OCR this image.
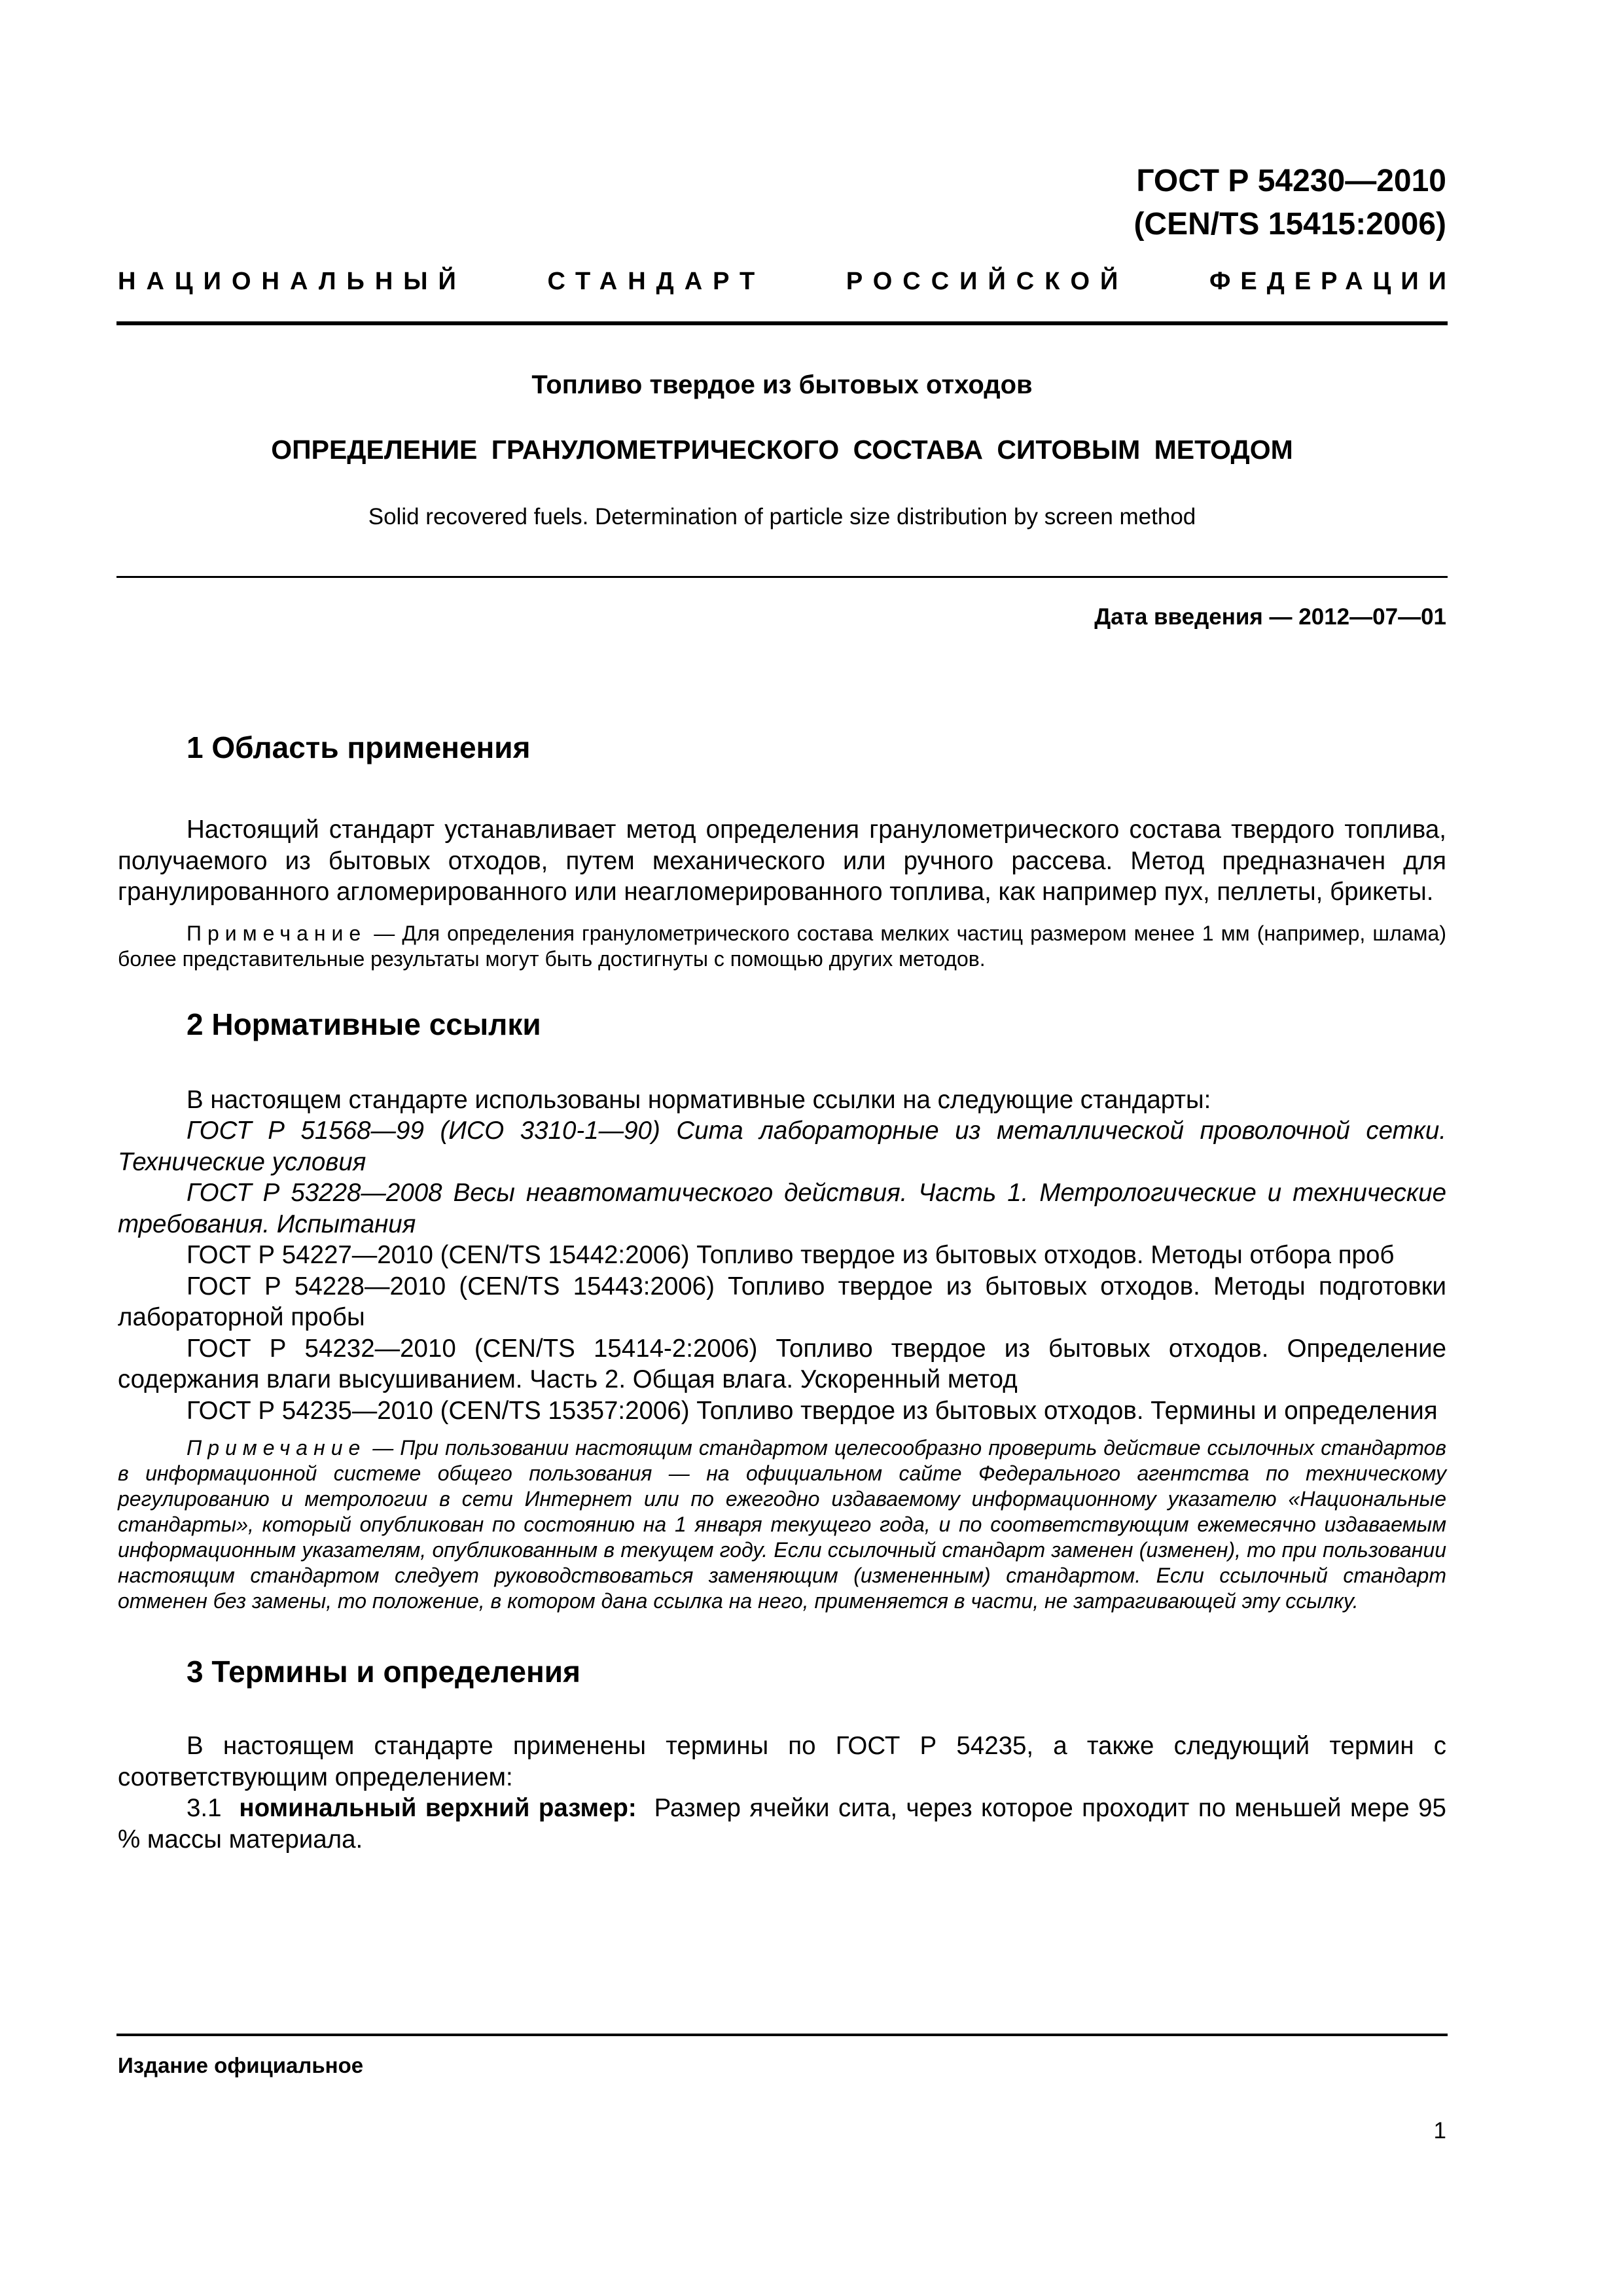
ГОСТ Р 54230—2010
(CEN/TS 15415:2006)
НАЦИОНАЛЬНЫЙ	СТАНДАРТ	РОССИЙСКОЙ	ФЕДЕРАЦИИ
Топливо твердое из бытовых отходов
ОПРЕДЕЛЕНИЕ ГРАНУЛОМЕТРИЧЕСКОГО СОСТАВА СИТОВЫМ МЕТОДОМ
Solid recovered fuels. Determination of particle size distribution by screen method
Дата введения — 2012—07—01
1 Область применения

Настоящий стандарт устанавливает метод определения гранулометрического состава твердого топлива, получаемого из бытовых отходов, путем механического или ручного рассева. Метод предназначен для гранулированного агломерированного или неагломерированного топлива, как например пух, пеллеты, брикеты.

Примечание — Для определения гранулометрического состава мелких частиц размером менее 1 мм (например, шлама) более представительные результаты могут быть достигнуты с помощью других методов.

2 Нормативные ссылки

В настоящем стандарте использованы нормативные ссылки на следующие стандарты:

ГОСТ Р 51568—99 (ИСО 3310-1—90) Сита лабораторные из металлической проволочной сетки. Технические условия

ГОСТ Р 53228—2008 Весы неавтоматического действия. Часть 1. Метрологические и технические требования. Испытания

ГОСТ Р 54227—2010 (CEN/TS 15442:2006) Топливо твердое из бытовых отходов. Методы отбора проб

ГОСТ Р 54228—2010 (CEN/TS 15443:2006) Топливо твердое из бытовых отходов. Методы подготовки лабораторной пробы

ГОСТ Р 54232—2010 (CEN/TS 15414-2:2006) Топливо твердое из бытовых отходов. Определение содержания влаги высушиванием. Часть 2. Общая влага. Ускоренный метод

ГОСТ Р 54235—2010 (CEN/TS 15357:2006) Топливо твердое из бытовых отходов. Термины и определения

Примечание — При пользовании настоящим стандартом целесообразно проверить действие ссылочных стандартов в информационной системе общего пользования — на официальном сайте Федерального агентства по техническому регулированию и метрологии в сети Интернет или по ежегодно издаваемому информационному указателю «Национальные стандарты», который опубликован по состоянию на 1 января текущего года, и по соответствующим ежемесячно издаваемым информационным указателям, опубликованным в текущем году. Если ссылочный стандарт заменен (изменен), то при пользовании настоящим стандартом следует руководствоваться заменяющим (измененным) стандартом. Если ссылочный стандарт отменен без замены, то положение, в котором дана ссылка на него, применяется в части, не затрагивающей эту ссылку.

3 Термины и определения

В настоящем стандарте применены термины по ГОСТ Р 54235, а также следующий термин с соответствующим определением:

3.1 номинальный верхний размер: Размер ячейки сита, через которое проходит по меньшей мере 95 % массы материала.

Издание официальное
1
